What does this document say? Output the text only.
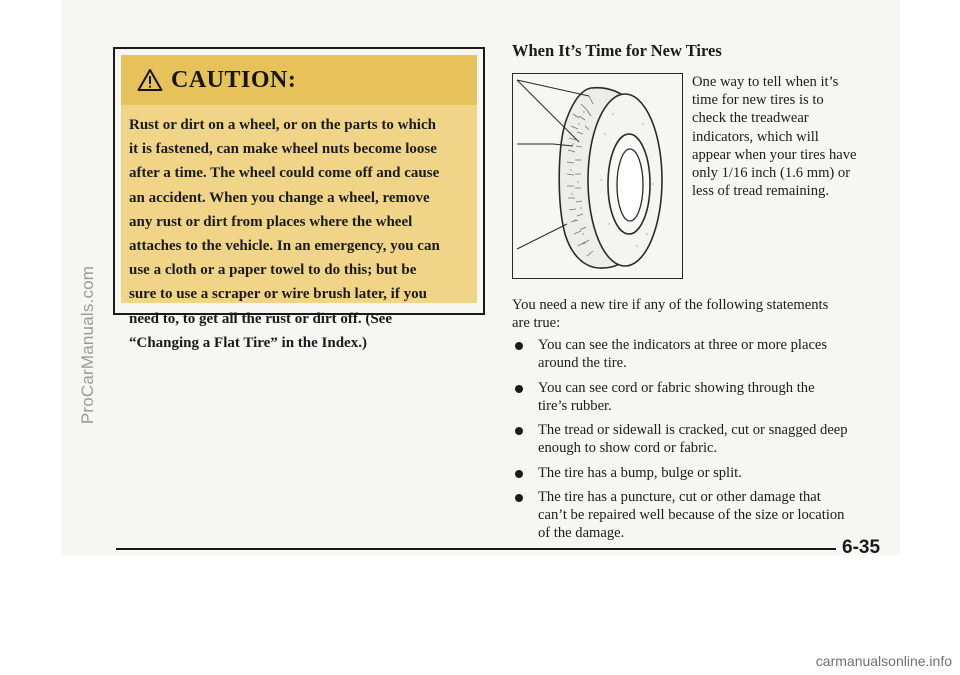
ProCarManuals.com
CAUTION:
Rust or dirt on a wheel, or on the parts to which
it is fastened, can make wheel nuts become loose
after a time. The wheel could come off and cause
an accident. When you change a wheel, remove
any rust or dirt from places where the wheel
attaches to the vehicle. In an emergency, you can
use a cloth or a paper towel to do this; but be
sure to use a scraper or wire brush later, if you
need to, to get all the rust or dirt off. (See
“Changing a Flat Tire” in the Index.)
When It’s Time for New Tires
One way to tell when it’s
time for new tires is to
check the treadwear
indicators, which will
appear when your tires have
only 1/16 inch (1.6 mm) or
less of tread remaining.
You need a new tire if any of the following statements
are true:
You can see the indicators at three or more places
around the tire.
You can see cord or fabric showing through the
tire’s rubber.
The tread or sidewall is cracked, cut or snagged deep
enough to show cord or fabric.
The tire has a bump, bulge or split.
The tire has a puncture, cut or other damage that
can’t be repaired well because of the size or location
of the damage.
6-35
carmanualsonline.info
